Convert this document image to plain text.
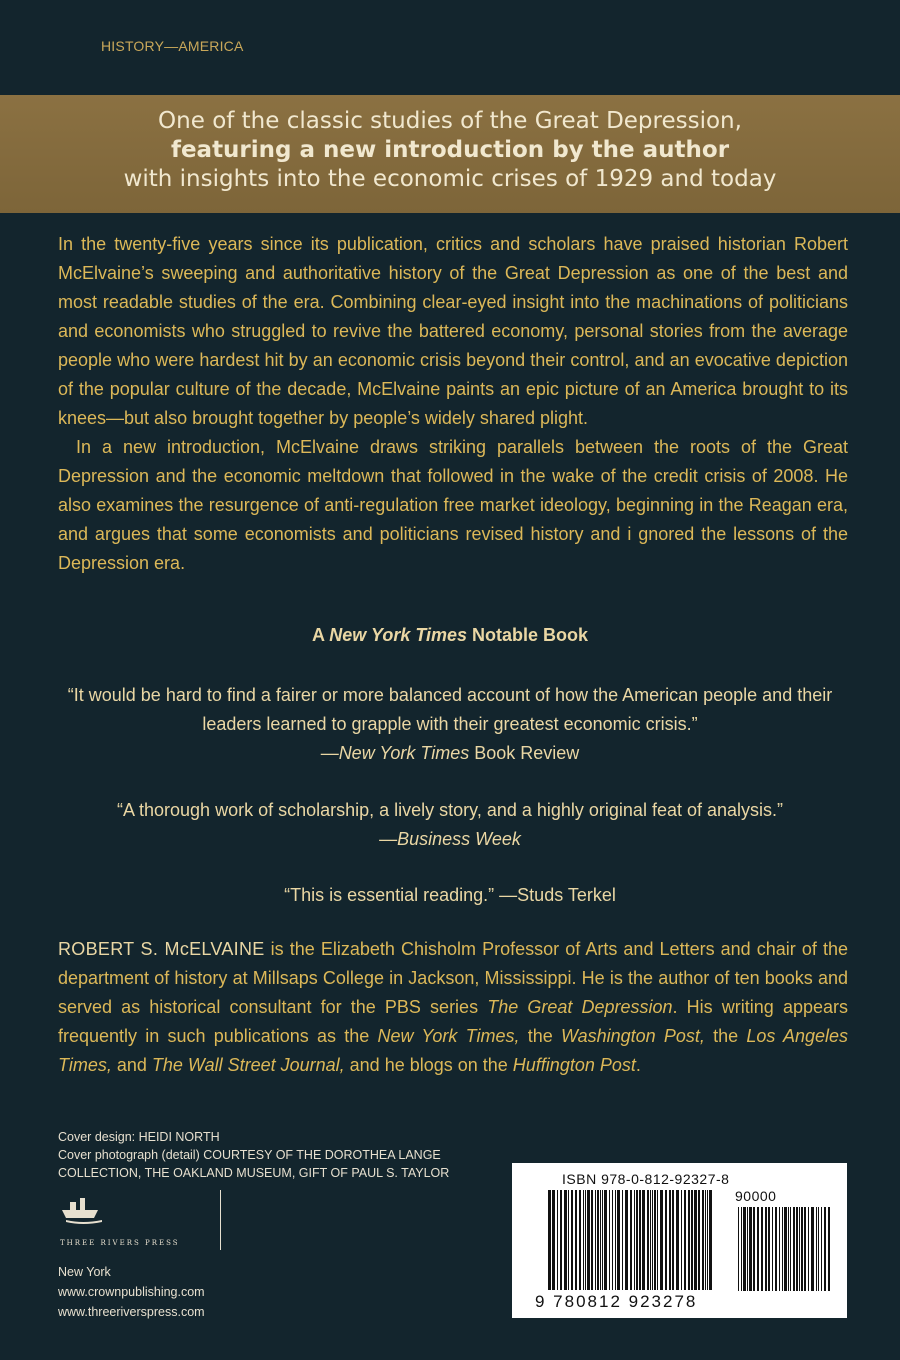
HISTORY—AMERICA
One of the classic studies of the Great Depression,
featuring a new introduction by the author
with insights into the economic crises of 1929 and today

In the twenty-five years since its publication, critics and scholars have praised historian Robert McElvaine’s sweeping and authoritative history of the Great Depression as one of the best and most readable studies of the era. Combining clear-eyed insight into the machinations of politicians and economists who struggled to revive the battered economy, personal stories from the average people who were hardest hit by an economic crisis beyond their control, and an evocative depiction of the popular culture of the decade, McElvaine paints an epic picture of an America brought to its knees—but also brought together by people’s widely shared plight.

In a new introduction, McElvaine draws striking parallels between the roots of the Great Depression and the economic meltdown that followed in the wake of the credit crisis of 2008. He also examines the resurgence of anti-regulation free market ideology, beginning in the Reagan era, and argues that some economists and politicians revised history and i gnored the lessons of the Depression era.

A New York Times Notable Book
“It would be hard to find a fairer or more balanced account of how the American people and their leaders learned to grapple with their greatest economic crisis.”
—New York Times Book Review
“A thorough work of scholarship, a lively story, and a highly original feat of analysis.”
—Business Week
“This is essential reading.” —Studs Terkel
ROBERT S. McELVAINE is the Elizabeth Chisholm Professor of Arts and Letters and chair of the department of history at Millsaps College in Jackson, Mississippi. He is the author of ten books and served as historical consultant for the PBS series The Great Depression. His writing appears frequently in such publications as the New York Times, the Washington Post, the Los Angeles Times, and The Wall Street Journal, and he blogs on the Huffington Post.
Cover design: HEIDI NORTH
Cover photograph (detail) COURTESY OF THE DOROTHEA LANGE COLLECTION, THE OAKLAND MUSEUM, GIFT OF PAUL S. TAYLOR
THREE RIVERS PRESS
New York
www.crownpublishing.com
www.threeriverspress.com
ISBN 978-0-812-92327-8
90000
9 780812 923278
